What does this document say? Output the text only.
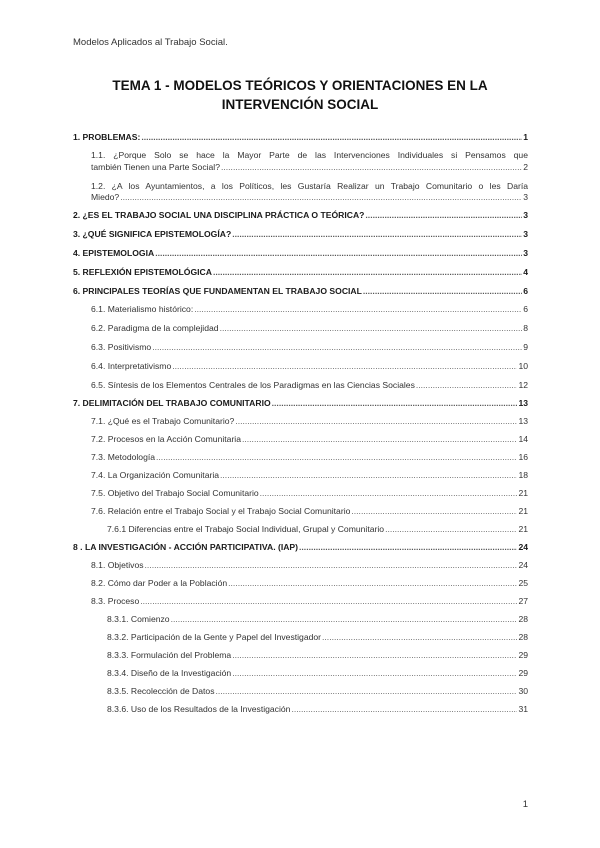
Modelos Aplicados al Trabajo Social.
TEMA 1 - MODELOS TEÓRICOS Y ORIENTACIONES EN LA
INTERVENCIÓN SOCIAL
1. PROBLEMAS: .....	1
1.1. ¿Porque Solo se hace la Mayor Parte de las Intervenciones Individuales si Pensamos que
también Tienen una Parte Social? .....	2
1.2. ¿A los Ayuntamientos, a los Políticos, les Gustaría Realizar un Trabajo Comunitario o les Daría
Miedo? .....	3
2. ¿ES EL TRABAJO SOCIAL UNA DISCIPLINA PRÁCTICA O TEÓRICA? .....	3
3. ¿QUÉ SIGNIFICA EPISTEMOLOGÍA? .....	3
4. EPISTEMOLOGIA .....	3
5. REFLEXIÓN EPISTEMOLÓGICA .....	4
6. PRINCIPALES TEORÍAS QUE FUNDAMENTAN EL TRABAJO SOCIAL .....	6
6.1. Materialismo histórico: .....	6
6.2. Paradigma de la complejidad .....	8
6.3. Positivismo .....	9
6.4. Interpretativismo .....	10
6.5. Síntesis de los Elementos Centrales de los Paradigmas en las Ciencias Sociales .....	12
7. DELIMITACIÓN DEL TRABAJO COMUNITARIO .....	13
7.1. ¿Qué es el Trabajo Comunitario? .....	13
7.2. Procesos en la Acción Comunitaria .....	14
7.3. Metodología .....	16
7.4. La Organización Comunitaria .....	18
7.5. Objetivo del Trabajo Social Comunitario .....	21
7.6. Relación entre el Trabajo Social y el Trabajo Social Comunitario .....	21
7.6.1 Diferencias entre el Trabajo Social Individual, Grupal y Comunitario .....	21
8 . LA INVESTIGACIÓN - ACCIÓN PARTICIPATIVA. (IAP) .....	24
8.1. Objetivos .....	24
8.2. Cómo dar Poder a la Población .....	25
8.3. Proceso .....	27
8.3.1. Comienzo .....	28
8.3.2. Participación de la Gente y Papel del Investigador .....	28
8.3.3. Formulación del Problema .....	29
8.3.4. Diseño de la Investigación .....	29
8.3.5. Recolección de Datos .....	30
8.3.6. Uso de los Resultados de la Investigación .....	31
1
